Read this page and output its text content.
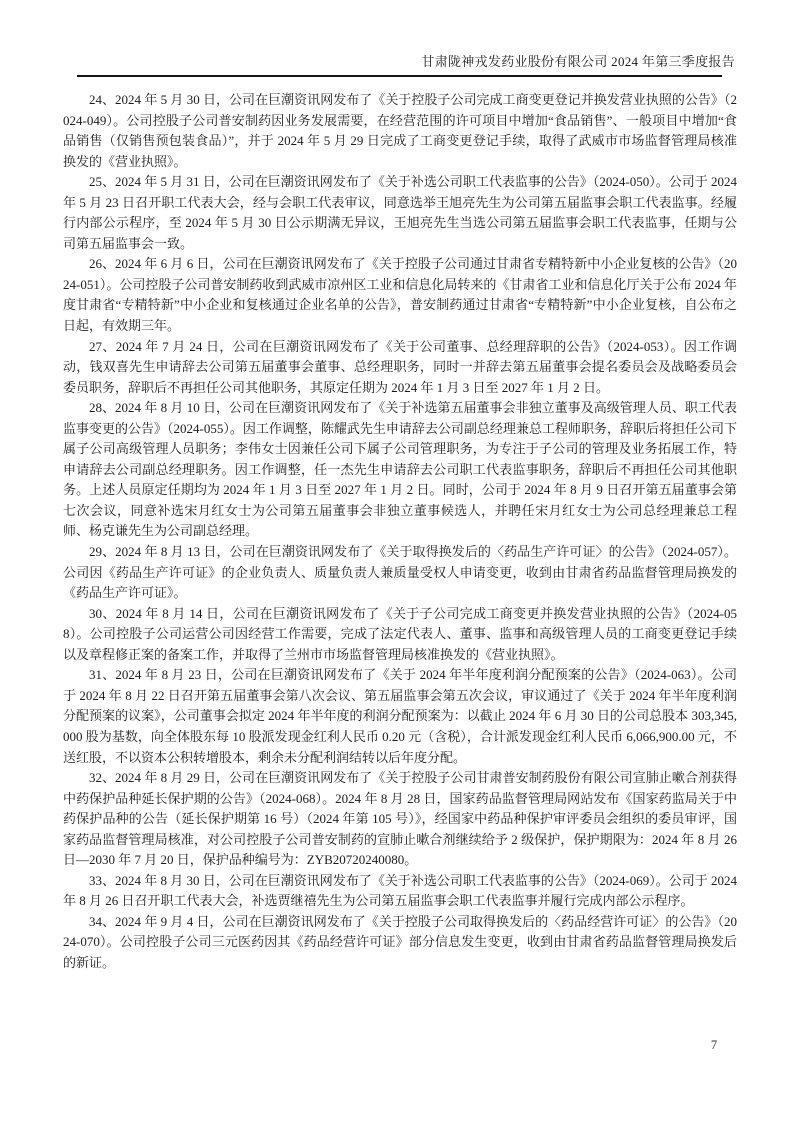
甘肃陇神戎发药业股份有限公司 2024 年第三季度报告

24、2024 年 5 月 30 日，公司在巨潮资讯网发布了《关于控股子公司完成工商变更登记并换发营业执照的公告》（2024-049）。公司控股子公司普安制药因业务发展需要，在经营范围的许可项目中增加“食品销售”、一般项目中增加“食品销售（仅销售预包装食品）”，并于 2024 年 5 月 29 日完成了工商变更登记手续，取得了武威市市场监督管理局核准换发的《营业执照》。

25、2024 年 5 月 31 日，公司在巨潮资讯网发布了《关于补选公司职工代表监事的公告》（2024-050）。公司于 2024 年 5 月 23 日召开职工代表大会，经与会职工代表审议，同意选举王旭亮先生为公司第五届监事会职工代表监事。经履行内部公示程序，至 2024 年 5 月 30 日公示期满无异议，王旭亮先生当选公司第五届监事会职工代表监事，任期与公司第五届监事会一致。

26、2024 年 6 月 6 日，公司在巨潮资讯网发布了《关于控股子公司通过甘肃省专精特新中小企业复核的公告》（2024-051）。公司控股子公司普安制药收到武威市凉州区工业和信息化局转来的《甘肃省工业和信息化厅关于公布 2024 年度甘肃省“专精特新”中小企业和复核通过企业名单的公告》，普安制药通过甘肃省“专精特新”中小企业复核，自公布之日起，有效期三年。

27、2024 年 7 月 24 日，公司在巨潮资讯网发布了《关于公司董事、总经理辞职的公告》（2024-053）。因工作调动，钱双喜先生申请辞去公司第五届董事会董事、总经理职务，同时一并辞去第五届董事会提名委员会及战略委员会委员职务，辞职后不再担任公司其他职务，其原定任期为 2024 年 1 月 3 日至 2027 年 1 月 2 日。

28、2024 年 8 月 10 日，公司在巨潮资讯网发布了《关于补选第五届董事会非独立董事及高级管理人员、职工代表监事变更的公告》（2024-055）。因工作调整，陈耀武先生申请辞去公司副总经理兼总工程师职务，辞职后将担任公司下属子公司高级管理人员职务；李伟女士因兼任公司下属子公司管理职务，为专注于子公司的管理及业务拓展工作，特申请辞去公司副总经理职务。因工作调整，任一杰先生申请辞去公司职工代表监事职务，辞职后不再担任公司其他职务。上述人员原定任期均为 2024 年 1 月 3 日至 2027 年 1 月 2 日。同时，公司于 2024 年 8 月 9 日召开第五届董事会第七次会议，同意补选宋月红女士为公司第五届董事会非独立董事候选人，并聘任宋月红女士为公司总经理兼总工程师、杨克谦先生为公司副总经理。

29、2024 年 8 月 13 日，公司在巨潮资讯网发布了《关于取得换发后的〈药品生产许可证〉的公告》（2024-057）。公司因《药品生产许可证》的企业负责人、质量负责人兼质量受权人申请变更，收到由甘肃省药品监督管理局换发的《药品生产许可证》。

30、2024 年 8 月 14 日，公司在巨潮资讯网发布了《关于子公司完成工商变更并换发营业执照的公告》（2024-058）。公司控股子公司运营公司因经营工作需要，完成了法定代表人、董事、监事和高级管理人员的工商变更登记手续以及章程修正案的备案工作，并取得了兰州市市场监督管理局核准换发的《营业执照》。

31、2024 年 8 月 23 日，公司在巨潮资讯网发布了《关于 2024 年半年度利润分配预案的公告》（2024-063）。公司于 2024 年 8 月 22 日召开第五届董事会第八次会议、第五届监事会第五次会议，审议通过了《关于 2024 年半年度利润分配预案的议案》，公司董事会拟定 2024 年半年度的利润分配预案为：以截止 2024 年 6 月 30 日的公司总股本 303,345,000 股为基数，向全体股东每 10 股派发现金红利人民币 0.20 元（含税），合计派发现金红利人民币 6,066,900.00 元，不送红股，不以资本公积转增股本，剩余未分配利润结转以后年度分配。

32、2024 年 8 月 29 日，公司在巨潮资讯网发布了《关于控股子公司甘肃普安制药股份有限公司宣肺止嗽合剂获得中药保护品种延长保护期的公告》（2024-068）。2024 年 8 月 28 日，国家药品监督管理局网站发布《国家药监局关于中药保护品种的公告（延长保护期第 16 号）（2024 年第 105 号）》，经国家中药品种保护审评委员会组织的委员审评，国家药品监督管理局核准，对公司控股子公司普安制药的宣肺止嗽合剂继续给予 2 级保护，保护期限为：2024 年 8 月 26 日—2030 年 7 月 20 日，保护品种编号为：ZYB20720240080。

33、2024 年 8 月 30 日，公司在巨潮资讯网发布了《关于补选公司职工代表监事的公告》（2024-069）。公司于 2024 年 8 月 26 日召开职工代表大会，补选贾继禧先生为公司第五届监事会职工代表监事并履行完成内部公示程序。

34、2024 年 9 月 4 日，公司在巨潮资讯网发布了《关于控股子公司取得换发后的〈药品经营许可证〉的公告》（2024-070）。公司控股子公司三元医药因其《药品经营许可证》部分信息发生变更，收到由甘肃省药品监督管理局换发后的新证。

7
